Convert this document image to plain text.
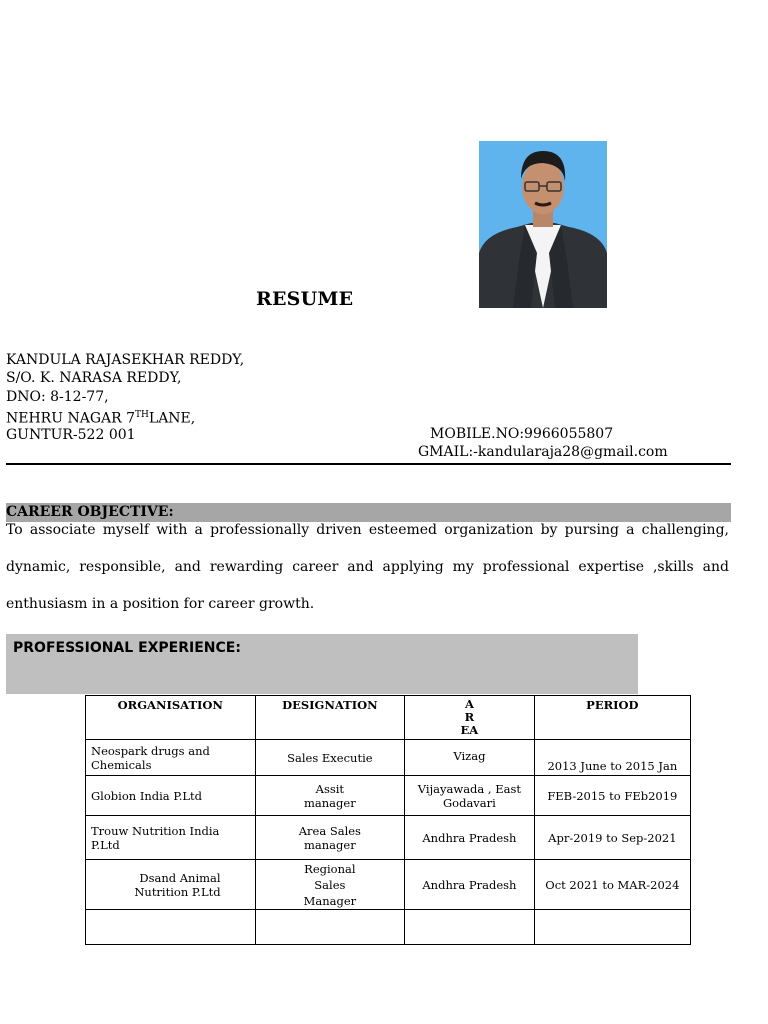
RESUME
KANDULA RAJASEKHAR REDDY,
S/O. K. NARASA REDDY,
DNO: 8-12-77,
NEHRU NAGAR 7THLANE,
GUNTUR-522 001	MOBILE.NO:9966055807
GMAIL:-kandularaja28@gmail.com
CAREER OBJECTIVE:
To associate myself with a professionally driven esteemed organization by pursing a challenging,
dynamic, responsible, and rewarding career and applying my professional expertise ,skills and
enthusiasm in a position for career growth.
PROFESSIONAL EXPERIENCE:
ORGANISATION	DESIGNATION	AR EA	PERIOD
Neospark drugs and Chemicals	Sales Executie	Vizag	2013 June to 2015 Jan
Globion India P.Ltd	Assit manager	Vijayawada , East Godavari	FEB-2015 to FEb2019
Trouw Nutrition India P.Ltd	Area Sales manager	Andhra Pradesh	Apr-2019 to Sep-2021
Dsand Animal Nutrition P.Ltd	Regional Sales Manager	Andhra Pradesh	Oct 2021 to MAR-2024
